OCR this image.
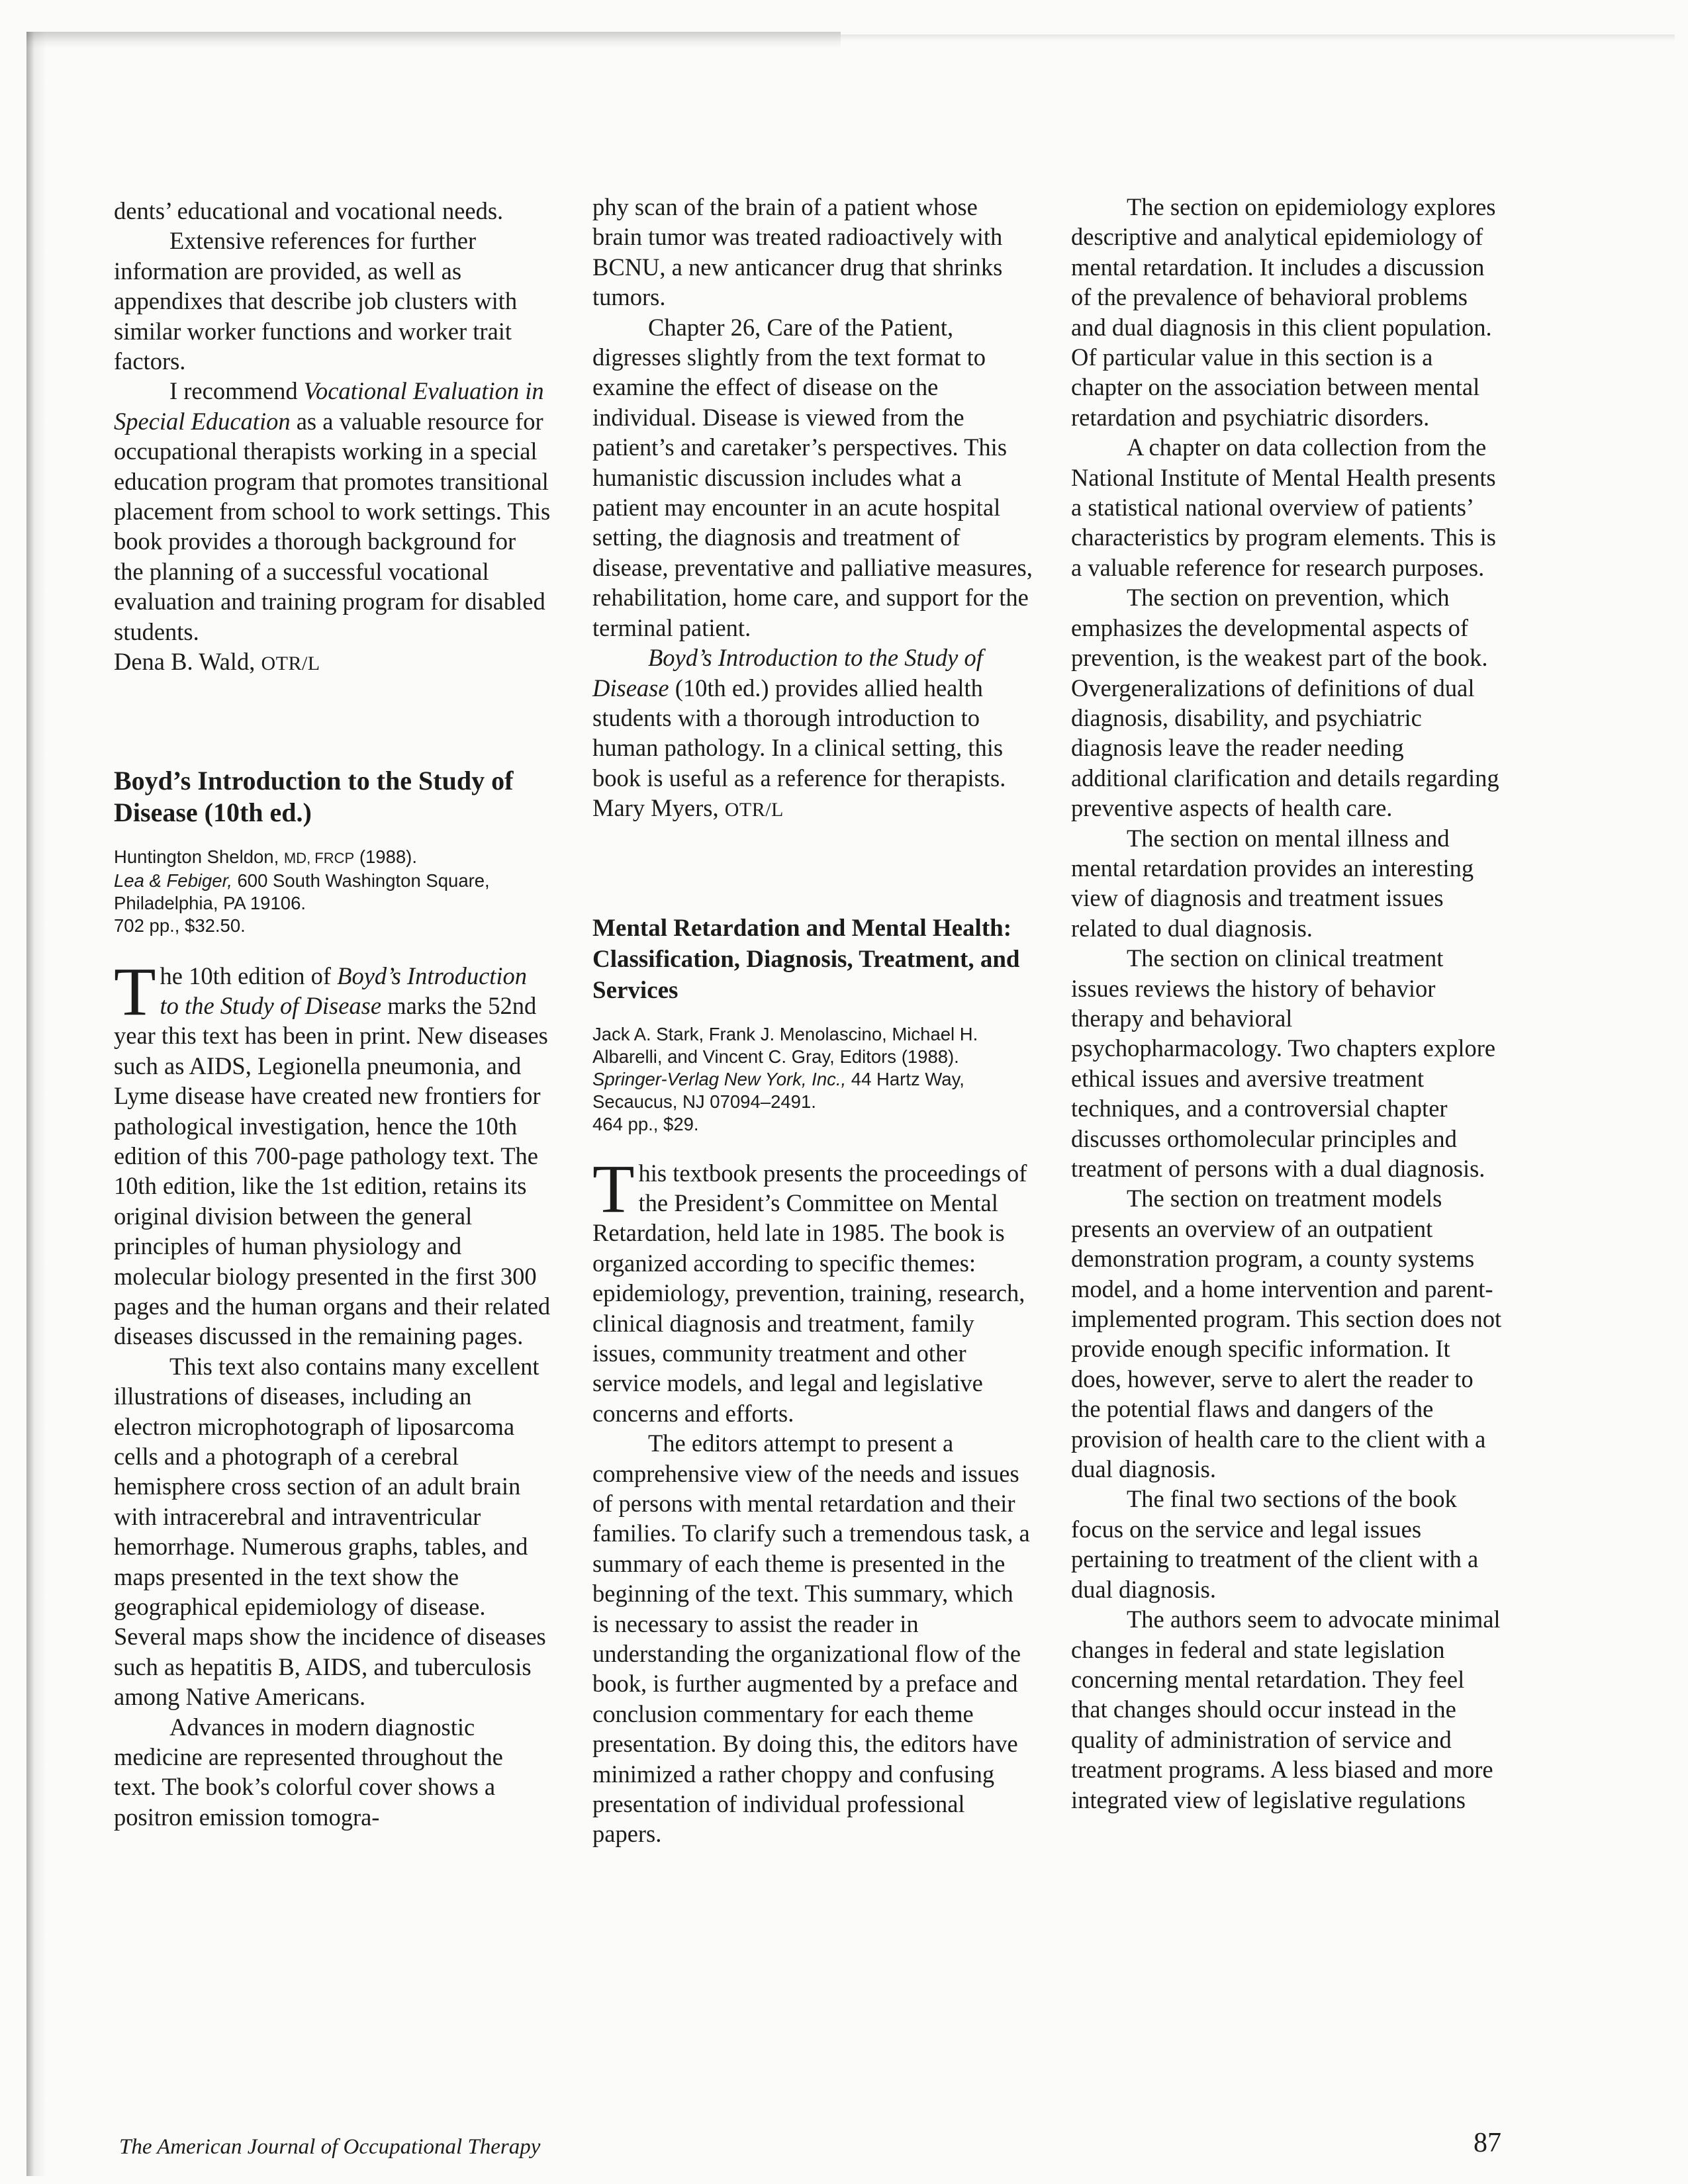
dents’ educational and vocational needs.

Extensive references for further information are provided, as well as appendixes that describe job clusters with similar worker functions and worker trait factors.

I recommend Vocational Evaluation in Special Education as a valuable resource for occupational therapists working in a special education program that promotes transitional placement from school to work settings. This book provides a thorough background for the planning of a successful vocational evaluation and training program for disabled students.

Dena B. Wald, OTR/L

Boyd’s Introduction to the Study of Disease (10th ed.)

Huntington Sheldon, MD, FRCP (1988).

Lea & Febiger, 600 South Washington Square, Philadelphia, PA 19106.

702 pp., $32.50.

The 10th edition of Boyd’s Introduction to the Study of Disease marks the 52nd year this text has been in print. New diseases such as AIDS, Legionella pneumonia, and Lyme disease have created new frontiers for pathological investigation, hence the 10th edition of this 700-page pathology text. The 10th edition, like the 1st edition, retains its original division between the general principles of human physiology and molecular biology presented in the first 300 pages and the human organs and their related diseases discussed in the remaining pages.

This text also contains many excellent illustrations of diseases, including an electron microphotograph of liposarcoma cells and a photograph of a cerebral hemisphere cross section of an adult brain with intracerebral and intraventricular hemorrhage. Numerous graphs, tables, and maps presented in the text show the geographical epidemiology of disease. Several maps show the incidence of diseases such as hepatitis B, AIDS, and tuberculosis among Native Americans.

Advances in modern diagnostic medicine are represented throughout the text. The book’s colorful cover shows a positron emission tomogra-

phy scan of the brain of a patient whose brain tumor was treated radioactively with BCNU, a new anticancer drug that shrinks tumors.

Chapter 26, Care of the Patient, digresses slightly from the text format to examine the effect of disease on the individual. Disease is viewed from the patient’s and caretaker’s perspectives. This humanistic discussion includes what a patient may encounter in an acute hospital setting, the diagnosis and treatment of disease, preventative and palliative measures, rehabilitation, home care, and support for the terminal patient.

Boyd’s Introduction to the Study of Disease (10th ed.) provides allied health students with a thorough introduction to human pathology. In a clinical setting, this book is useful as a reference for therapists.

Mary Myers, OTR/L

Mental Retardation and Mental Health: Classification, Diagnosis, Treatment, and Services

Jack A. Stark, Frank J. Menolascino, Michael H. Albarelli, and Vincent C. Gray, Editors (1988).

Springer-Verlag New York, Inc., 44 Hartz Way, Secaucus, NJ 07094–2491.

464 pp., $29.

This textbook presents the proceedings of the President’s Committee on Mental Retardation, held late in 1985. The book is organized according to specific themes: epidemiology, prevention, training, research, clinical diagnosis and treatment, family issues, community treatment and other service models, and legal and legislative concerns and efforts.

The editors attempt to present a comprehensive view of the needs and issues of persons with mental retardation and their families. To clarify such a tremendous task, a summary of each theme is presented in the beginning of the text. This summary, which is necessary to assist the reader in understanding the organizational flow of the book, is further augmented by a preface and conclusion commentary for each theme presentation. By doing this, the editors have minimized a rather choppy and confusing presentation of individual professional papers.

The section on epidemiology explores descriptive and analytical epidemiology of mental retardation. It includes a discussion of the prevalence of behavioral problems and dual diagnosis in this client population. Of particular value in this section is a chapter on the association between mental retardation and psychiatric disorders.

A chapter on data collection from the National Institute of Mental Health presents a statistical national overview of patients’ characteristics by program elements. This is a valuable reference for research purposes.

The section on prevention, which emphasizes the developmental aspects of prevention, is the weakest part of the book. Overgeneralizations of definitions of dual diagnosis, disability, and psychiatric diagnosis leave the reader needing additional clarification and details regarding preventive aspects of health care.

The section on mental illness and mental retardation provides an interesting view of diagnosis and treatment issues related to dual diagnosis.

The section on clinical treatment issues reviews the history of behavior therapy and behavioral psychopharmacology. Two chapters explore ethical issues and aversive treatment techniques, and a controversial chapter discusses orthomolecular principles and treatment of persons with a dual diagnosis.

The section on treatment models presents an overview of an outpatient demonstration program, a county systems model, and a home intervention and parent-implemented program. This section does not provide enough specific information. It does, however, serve to alert the reader to the potential flaws and dangers of the provision of health care to the client with a dual diagnosis.

The final two sections of the book focus on the service and legal issues pertaining to treatment of the client with a dual diagnosis.

The authors seem to advocate minimal changes in federal and state legislation concerning mental retardation. They feel that changes should occur instead in the quality of administration of service and treatment programs. A less biased and more integrated view of legislative regulations

The American Journal of Occupational Therapy	87
